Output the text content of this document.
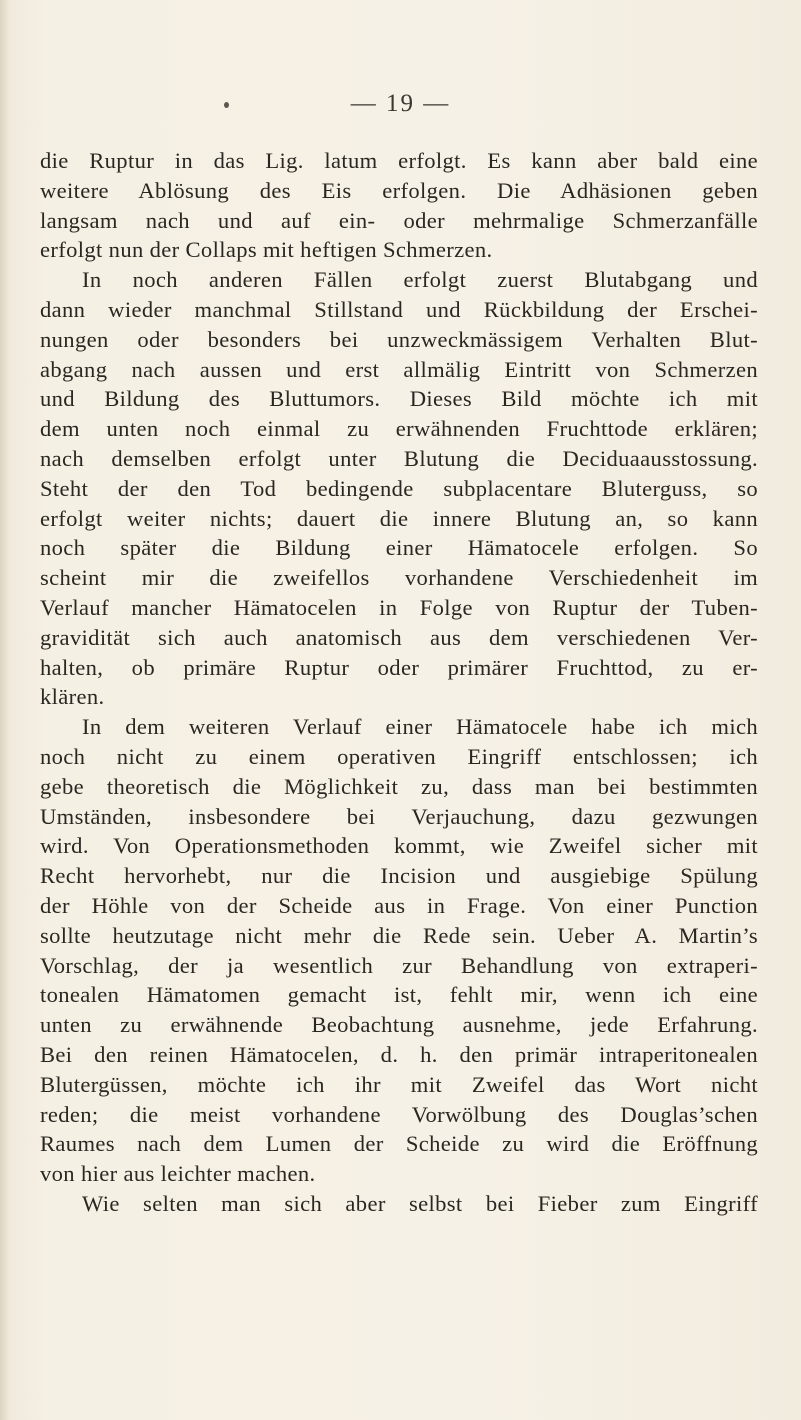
— 19 —
die Ruptur in das Lig. latum erfolgt. Es kann aber bald eine
weitere Ablösung des Eis erfolgen. Die Adhäsionen geben
langsam nach und auf ein- oder mehrmalige Schmerzanfälle
erfolgt nun der Collaps mit heftigen Schmerzen.
In noch anderen Fällen erfolgt zuerst Blutabgang und
dann wieder manchmal Stillstand und Rückbildung der Erschei-
nungen oder besonders bei unzweckmässigem Verhalten Blut-
abgang nach aussen und erst allmälig Eintritt von Schmerzen
und Bildung des Bluttumors. Dieses Bild möchte ich mit
dem unten noch einmal zu erwähnenden Fruchttode erklären;
nach demselben erfolgt unter Blutung die Deciduaausstossung.
Steht der den Tod bedingende subplacentare Bluterguss, so
erfolgt weiter nichts; dauert die innere Blutung an, so kann
noch später die Bildung einer Hämatocele erfolgen. So
scheint mir die zweifellos vorhandene Verschiedenheit im
Verlauf mancher Hämatocelen in Folge von Ruptur der Tuben-
gravidität sich auch anatomisch aus dem verschiedenen Ver-
halten, ob primäre Ruptur oder primärer Fruchttod, zu er-
klären.
In dem weiteren Verlauf einer Hämatocele habe ich mich
noch nicht zu einem operativen Eingriff entschlossen; ich
gebe theoretisch die Möglichkeit zu, dass man bei bestimmten
Umständen, insbesondere bei Verjauchung, dazu gezwungen
wird. Von Operationsmethoden kommt, wie Zweifel sicher mit
Recht hervorhebt, nur die Incision und ausgiebige Spülung
der Höhle von der Scheide aus in Frage. Von einer Punction
sollte heutzutage nicht mehr die Rede sein. Ueber A. Martin’s
Vorschlag, der ja wesentlich zur Behandlung von extraperi-
tonealen Hämatomen gemacht ist, fehlt mir, wenn ich eine
unten zu erwähnende Beobachtung ausnehme, jede Erfahrung.
Bei den reinen Hämatocelen, d. h. den primär intraperitonealen
Blutergüssen, möchte ich ihr mit Zweifel das Wort nicht
reden; die meist vorhandene Vorwölbung des Douglas’schen
Raumes nach dem Lumen der Scheide zu wird die Eröffnung
von hier aus leichter machen.
Wie selten man sich aber selbst bei Fieber zum Eingriff
